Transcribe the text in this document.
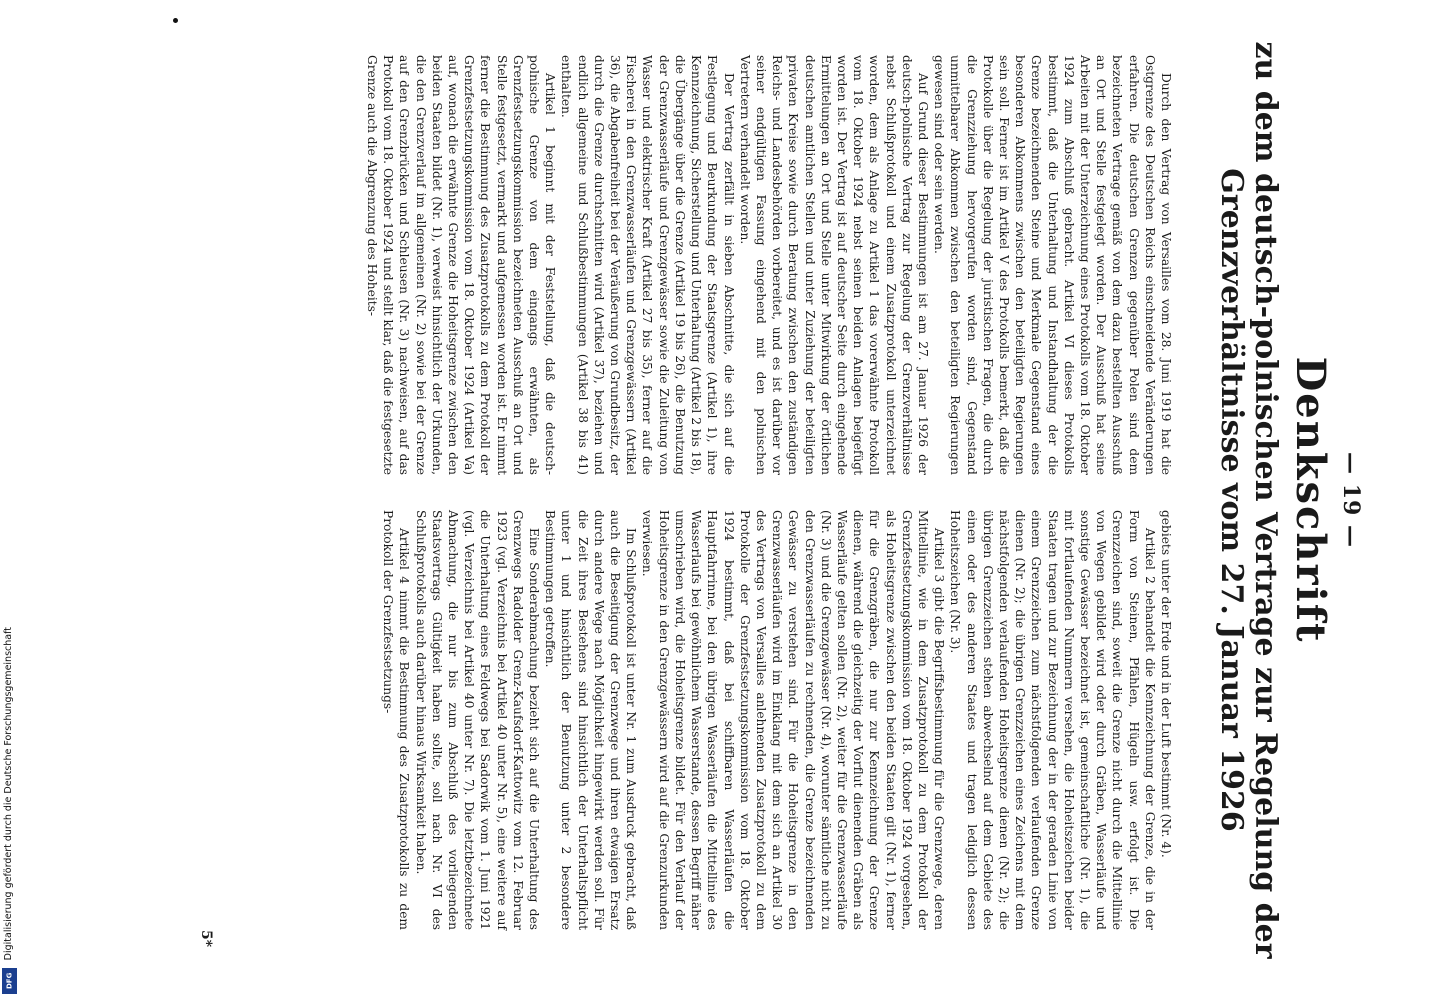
— 19 —
Denkschrift
zu dem deutsch-polnischen Vertrage zur Regelung der Grenzverhältnisse vom 27. Januar 1926

Durch den Vertrag von Versailles vom 28. Juni 1919 hat die Ostgrenze des Deutschen Reichs einschneidende Veränderungen erfahren. Die deutschen Grenzen gegenüber Polen sind dem bezeichneten Vertrage gemäß von dem dazu bestellten Ausschuß an Ort und Stelle festgelegt worden. Der Ausschuß hat seine Arbeiten mit der Unterzeichnung eines Protokolls vom 18. Oktober 1924 zum Abschluß gebracht. Artikel VI dieses Protokolls bestimmt, daß die Unterhaltung und Instandhaltung der die Grenze bezeichnenden Steine und Merkmale Gegenstand eines besonderen Abkommens zwischen den beteiligten Regierungen sein soll. Ferner ist im Artikel V des Protokolls bemerkt, daß die Protokolle über die Regelung der juristischen Fragen, die durch die Grenzziehung hervorgerufen worden sind, Gegenstand unmittelbarer Abkommen zwischen den beteiligten Regierungen gewesen sind oder sein werden.

Auf Grund dieser Bestimmungen ist am 27. Januar 1926 der deutsch-polnische Vertrag zur Regelung der Grenzverhältnisse nebst Schlußprotokoll und einem Zusatzprotokoll unterzeichnet worden, dem als Anlage zu Artikel 1 das vorerwähnte Protokoll vom 18. Oktober 1924 nebst seinen beiden Anlagen beigefügt worden ist. Der Vertrag ist auf deutscher Seite durch eingehende Ermittelungen an Ort und Stelle unter Mitwirkung der örtlichen deutschen amtlichen Stellen und unter Zuziehung der beteiligten privaten Kreise sowie durch Beratung zwischen den zuständigen Reichs- und Landesbehörden vorbereitet, und es ist darüber vor seiner endgültigen Fassung eingehend mit den polnischen Vertretern verhandelt worden.

Der Vertrag zerfällt in sieben Abschnitte, die sich auf die Festlegung und Beurkundung der Staatsgrenze (Artikel 1), ihre Kennzeichnung, Sicherstellung und Unterhaltung (Artikel 2 bis 18), die Übergänge über die Grenze (Artikel 19 bis 26), die Benutzung der Grenzwasserläufe und Grenzgewässer sowie die Zuleitung von Wasser und elektrischer Kraft (Artikel 27 bis 35), ferner auf die Fischerei in den Grenzwasserläufen und Grenzgewässern (Artikel 36), die Abgabenfreiheit bei der Veräußerung von Grundbesitz, der durch die Grenze durchschnitten wird (Artikel 37), beziehen und endlich allgemeine und Schlußbestimmungen (Artikel 38 bis 41) enthalten.

Artikel 1 beginnt mit der Feststellung, daß die deutsch-polnische Grenze von dem eingangs erwähnten, als Grenzfestsetzungskommission bezeichneten Ausschuß an Ort und Stelle festgesetzt, vermarkt und aufgemessen worden ist. Er nimmt ferner die Bestimmung des Zusatzprotokolls zu dem Protokoll der Grenzfestsetzungskommission vom 18. Oktober 1924 (Artikel Va) auf, wonach die erwähnte Grenze die Hoheitsgrenze zwischen den beiden Staaten bildet (Nr. 1), verweist hinsichtlich der Urkunden, die den Grenzverlauf im allgemeinen (Nr. 2) sowie bei der Grenze auf den Grenzbrücken und Schleusen (Nr. 3) nachweisen, auf das Protokoll vom 18. Oktober 1924 und stellt klar, daß die festgesetzte Grenze auch die Abgrenzung des Hoheits-

gebiets unter der Erde und in der Luft bestimmt (Nr. 4).

Artikel 2 behandelt die Kennzeichnung der Grenze, die in der Form von Steinen, Pfählen, Hügeln usw. erfolgt ist. Die Grenzzeichen sind, soweit die Grenze nicht durch die Mittellinie von Wegen gebildet wird oder durch Gräben, Wasserläufe und sonstige Gewässer bezeichnet ist, gemeinschaftliche (Nr. 1), die mit fortlaufenden Nummern versehen, die Hoheitszeichen beider Staaten tragen und zur Bezeichnung der in der geraden Linie von einem Grenzzeichen zum nächstfolgenden verlaufenden Grenze dienen (Nr. 2); die übrigen Grenzzeichen eines Zeichens mit dem nächstfolgenden verlaufenden Hoheitsgrenze dienen (Nr. 2); die übrigen Grenzzeichen stehen abwechselnd auf dem Gebiete des einen oder des anderen Staates und tragen lediglich dessen Hoheitszeichen (Nr. 3).

Artikel 3 gibt die Begriffsbestimmung für die Grenzwege, deren Mittellinie, wie in dem Zusatzprotokoll zu dem Protokoll der Grenzfestsetzungskommission vom 18. Oktober 1924 vorgesehen, als Hoheitsgrenze zwischen den beiden Staaten gilt (Nr. 1), ferner für die Grenzgräben, die nur zur Kennzeichnung der Grenze dienen, während die gleichzeitig der Vorflut dienenden Gräben als Wasserläufe gelten sollen (Nr. 2), weiter für die Grenzwasserläufe (Nr. 3) und die Grenzgewässer (Nr. 4), worunter sämtliche nicht zu den Grenzwasserläufen zu rechnenden, die Grenze bezeichnenden Gewässer zu verstehen sind. Für die Hoheitsgrenze in den Grenzwasserläufen wird im Einklang mit dem sich an Artikel 30 des Vertrags von Versailles anlehnenden Zusatzprotokoll zu dem Protokolle der Grenzfestsetzungskommission vom 18. Oktober 1924 bestimmt, daß bei schiffbaren Wasserläufen die Hauptfahrrinne, bei den übrigen Wasserläufen die Mittellinie des Wasserlaufs bei gewöhnlichem Wasserstande, dessen Begriff näher umschrieben wird, die Hoheitsgrenze bildet. Für den Verlauf der Hoheitsgrenze in den Grenzgewässern wird auf die Grenzurkunden verwiesen.

Im Schlußprotokoll ist unter Nr. 1 zum Ausdruck gebracht, daß auch die Beseitigung der Grenzwege und ihren etwaigen Ersatz durch andere Wege nach Möglichkeit hingewirkt werden soll. Für die Zeit ihres Bestehens sind hinsichtlich der Unterhaltspflicht unter 1 und hinsichtlich der Benutzung unter 2 besondere Bestimmungen getroffen.

Eine Sonderabmachung bezieht sich auf die Unterhaltung des Grenzwegs Radolder Grenz-Kaufsdorf-Kattowitz vom 12. Februar 1923 (vgl. Verzeichnis bei Artikel 40 unter Nr. 5), eine weitere auf die Unterhaltung eines Feldwegs bei Sadorwik vom 1. Juni 1921 (vgl. Verzeichnis bei Artikel 40 unter Nr. 7). Die letztbezeichnete Abmachung, die nur bis zum Abschluß des vorliegenden Staatsvertrags Gültigkeit haben sollte, soll nach Nr. VI des Schlußprotokolls auch darüber hinaus Wirksamkeit haben.

Artikel 4 nimmt die Bestimmung des Zusatzprotokolls zu dem Protokoll der Grenzfestsetzungs-

5*
Digitalisierung gefördert durch die Deutsche Forschungsgemeinschaft
DFG
